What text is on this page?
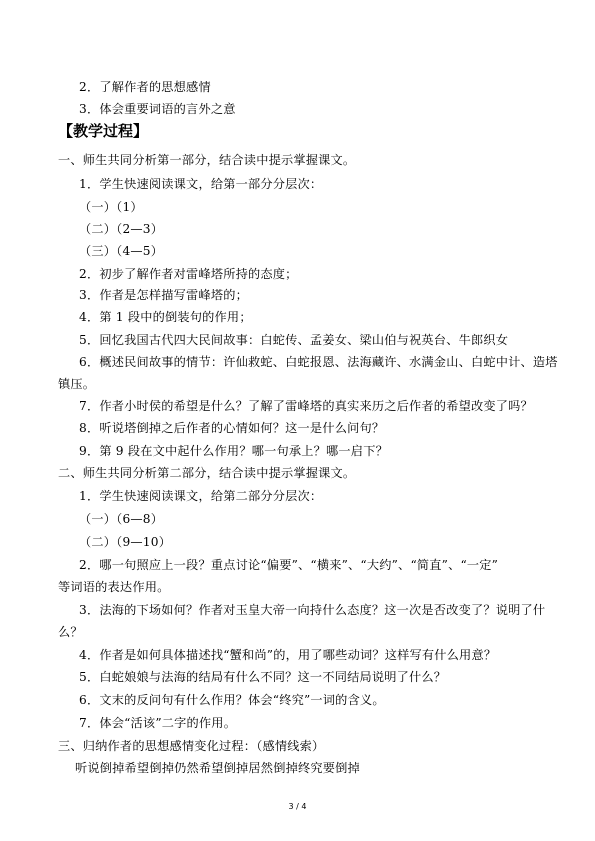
2．了解作者的思想感情
3．体会重要词语的言外之意
【教学过程】
一、师生共同分析第一部分，结合读中提示掌握课文。
1．学生快速阅读课文，给第一部分分层次：
（一）（1）
（二）（2—3）
（三）（4—5）
2．初步了解作者对雷峰塔所持的态度；
3．作者是怎样描写雷峰塔的；
4．第 1 段中的倒装句的作用；
5．回忆我国古代四大民间故事：白蛇传、孟姜女、梁山伯与祝英台、牛郎织女
6．概述民间故事的情节：许仙救蛇、白蛇报恩、法海藏许、水满金山、白蛇中计、造塔
镇压。
7．作者小时侯的希望是什么？了解了雷峰塔的真实来历之后作者的希望改变了吗？
8．听说塔倒掉之后作者的心情如何？这一是什么问句？
9．第 9 段在文中起什么作用？哪一句承上？哪一启下？
二、师生共同分析第二部分，结合读中提示掌握课文。
1．学生快速阅读课文，给第二部分分层次：
（一）（6—8）
（二）（9—10）
2．哪一句照应上一段？重点讨论“偏要”、“横来”、“大约”、“简直”、“一定”
等词语的表达作用。
3．法海的下场如何？作者对玉皇大帝一向持什么态度？这一次是否改变了？说明了什
么？
4．作者是如何具体描述找“蟹和尚”的，用了哪些动词？这样写有什么用意？
5．白蛇娘娘与法海的结局有什么不同？这一不同结局说明了什么？
6．文末的反问句有什么作用？体会“终究”一词的含义。
7．体会“活该”二字的作用。
三、归纳作者的思想感情变化过程：（感情线索）
听说倒掉希望倒掉仍然希望倒掉居然倒掉终究要倒掉
3 / 4
